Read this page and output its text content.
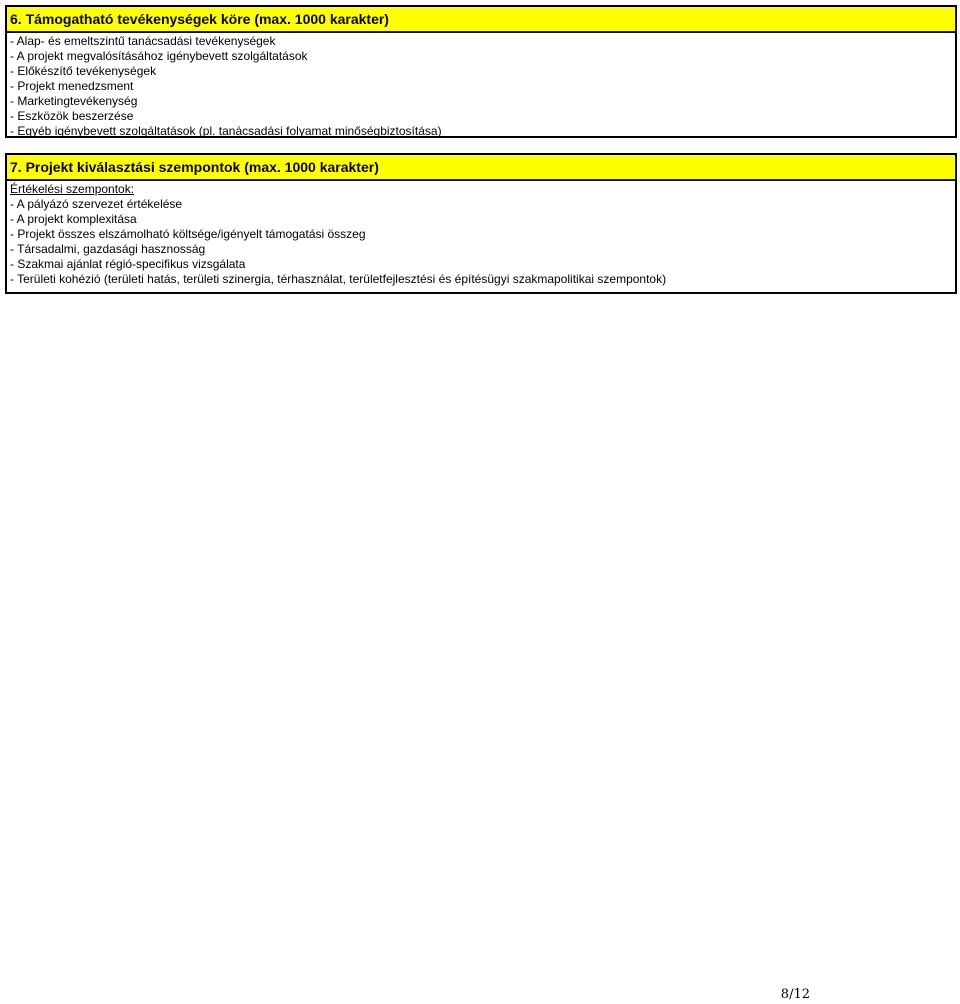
6. Támogatható tevékenységek köre (max. 1000 karakter)
- Alap- és emeltszintű tanácsadási tevékenységek
- A projekt megvalósításához igénybevett szolgáltatások
- Előkészítő tevékenységek
- Projekt menedzsment
- Marketingtevékenység
- Eszközök beszerzése
- Egyéb igénybevett szolgáltatások (pl. tanácsadási folyamat minőségbiztosítása)
7. Projekt kiválasztási szempontok (max. 1000 karakter)
Értékelési szempontok:
- A pályázó szervezet értékelése
- A projekt komplexitása
- Projekt összes elszámolható költsége/igényelt támogatási összeg
- Társadalmi, gazdasági hasznosság
- Szakmai ajánlat régió-specifikus vizsgálata
- Területi kohézió (területi hatás, területi szinergia, térhasználat, területfejlesztési és építésügyi szakmapolitikai szempontok)
8/12
